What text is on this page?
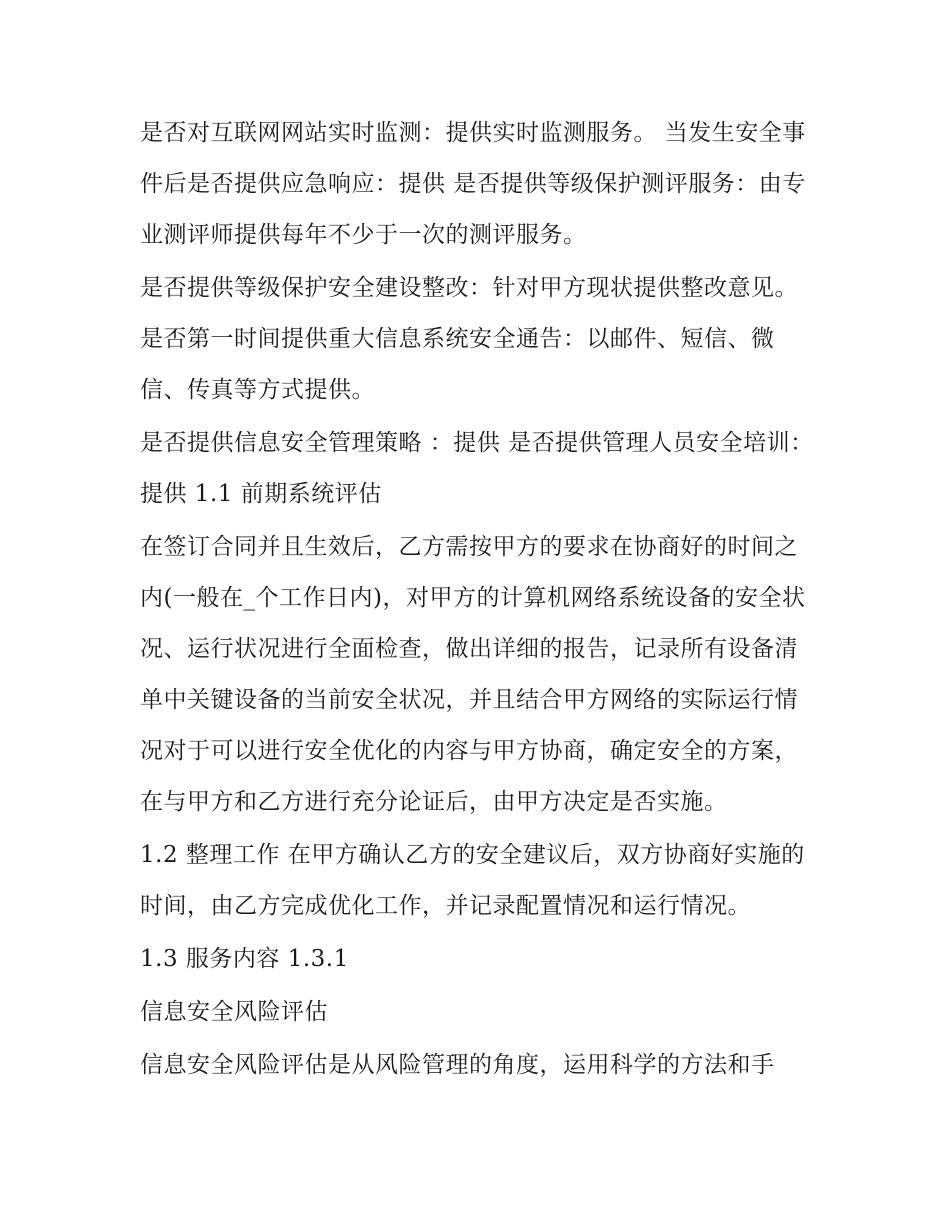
是否对互联网网站实时监测：提供实时监测服务。 当发生安全事件后是否提供应急响应：提供 是否提供等级保护测评服务：由专业测评师提供每年不少于一次的测评服务。

是否提供等级保护安全建设整改：针对甲方现状提供整改意见。 是否第一时间提供重大信息系统安全通告：以邮件、短信、微信、传真等方式提供。

是否提供信息安全管理策略 ：提供 是否提供管理人员安全培训：提供 1.1 前期系统评估

在签订合同并且生效后，乙方需按甲方的要求在协商好的时间之内(一般在_个工作日内)，对甲方的计算机网络系统设备的安全状况、运行状况进行全面检查，做出详细的报告，记录所有设备清单中关键设备的当前安全状况，并且结合甲方网络的实际运行情况对于可以进行安全优化的内容与甲方协商，确定安全的方案，在与甲方和乙方进行充分论证后，由甲方决定是否实施。

1.2 整理工作 在甲方确认乙方的安全建议后，双方协商好实施的时间，由乙方完成优化工作，并记录配置情况和运行情况。

1.3 服务内容 1.3.1

信息安全风险评估

信息安全风险评估是从风险管理的角度，运用科学的方法和手
